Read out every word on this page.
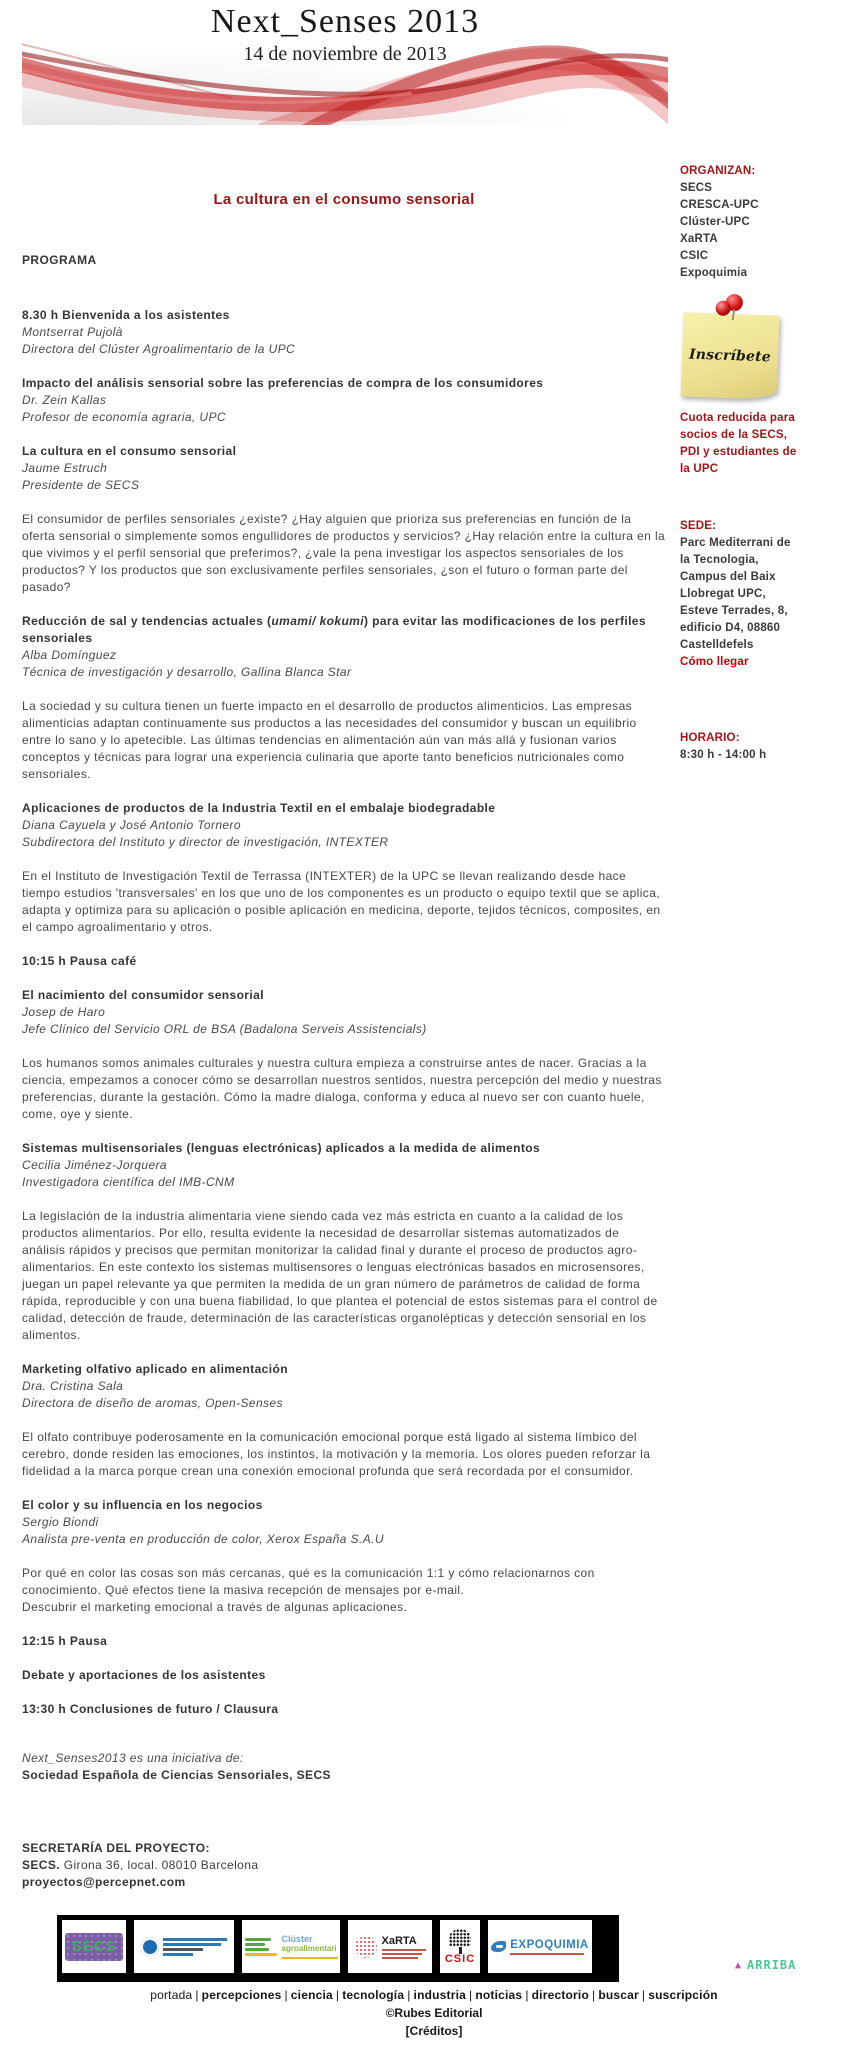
Next_Senses 2013
14 de noviembre de 2013
La cultura en el consumo sensorial
PROGRAMA
8.30 h Bienvenida a los asistentes
Montserrat Pujolà
Directora del Clúster Agroalimentario de la UPC
Impacto del análisis sensorial sobre las preferencias de compra de los consumidores
Dr. Zein Kallas
Profesor de economía agraria, UPC
La cultura en el consumo sensorial
Jaume Estruch
Presidente de SECS

El consumidor de perfiles sensoriales ¿existe? ¿Hay alguien que prioriza sus preferencias en función de la oferta sensorial o simplemente somos engullidores de productos y servicios? ¿Hay relación entre la cultura en la que vivimos y el perfil sensorial que preferimos?, ¿vale la pena investigar los aspectos sensoriales de los productos? Y los productos que son exclusivamente perfiles sensoriales, ¿son el futuro o forman parte del pasado?

Reducción de sal y tendencias actuales (umami/ kokumi) para evitar las modificaciones de los perfiles sensoriales
Alba Domínguez
Técnica de investigación y desarrollo, Gallina Blanca Star

La sociedad y su cultura tienen un fuerte impacto en el desarrollo de productos alimenticios. Las empresas alimenticias adaptan continuamente sus productos a las necesidades del consumidor y buscan un equilibrio entre lo sano y lo apetecible. Las últimas tendencias en alimentación aún van más allá y fusionan varios conceptos y técnicas para lograr una experiencia culinaria que aporte tanto beneficios nutricionales como sensoriales.

Aplicaciones de productos de la Industria Textil en el embalaje biodegradable
Diana Cayuela y José Antonio Tornero
Subdirectora del Instituto y director de investigación, INTEXTER

En el Instituto de Investigación Textil de Terrassa (INTEXTER) de la UPC se llevan realizando desde hace tiempo estudios 'transversales' en los que uno de los componentes es un producto o equipo textil que se aplica, adapta y optimiza para su aplicación o posible aplicación en medicina, deporte, tejidos técnicos, composites, en el campo agroalimentario y otros.

10:15 h Pausa café
El nacimiento del consumidor sensorial
Josep de Haro
Jefe Clínico del Servicio ORL de BSA (Badalona Serveis Assistencials)

Los humanos somos animales culturales y nuestra cultura empieza a construirse antes de nacer. Gracias a la ciencia, empezamos a conocer cómo se desarrollan nuestros sentidos, nuestra percepción del medio y nuestras preferencias, durante la gestación. Cómo la madre dialoga, conforma y educa al nuevo ser con cuanto huele, come, oye y siente.

Sistemas multisensoriales (lenguas electrónicas) aplicados a la medida de alimentos
Cecilia Jiménez-Jorquera
Investigadora científica del IMB-CNM

La legislación de la industria alimentaria viene siendo cada vez más estricta en cuanto a la calidad de los productos alimentarios. Por ello, resulta evidente la necesidad de desarrollar sistemas automatizados de análisis rápidos y precisos que permitan monitorizar la calidad final y durante el proceso de productos agro-alimentarios. En este contexto los sistemas multisensores o lenguas electrónicas basados en microsensores, juegan un papel relevante ya que permiten la medida de un gran número de parámetros de calidad de forma rápida, reproducible y con una buena fiabilidad, lo que plantea el potencial de estos sistemas para el control de calidad, detección de fraude, determinación de las características organolépticas y detección sensorial en los alimentos.

Marketing olfativo aplicado en alimentación
Dra. Cristina Sala
Directora de diseño de aromas, Open-Senses

El olfato contribuye poderosamente en la comunicación emocional porque está ligado al sistema límbico del cerebro, donde residen las emociones, los instintos, la motivación y la memoria. Los olores pueden reforzar la fidelidad a la marca porque crean una conexión emocional profunda que será recordada por el consumidor.

El color y su influencia en los negocios
Sergio Biondi
Analista pre-venta en producción de color, Xerox España S.A.U

Por qué en color las cosas son más cercanas, qué es la comunicación 1:1 y cómo relacionarnos con conocimiento. Qué efectos tiene la masiva recepción de mensajes por e-mail.

Descubrir el marketing emocional a través de algunas aplicaciones.

12:15 h Pausa
Debate y aportaciones de los asistentes
13:30 h Conclusiones de futuro / Clausura
Next_Senses2013 es una iniciativa de:
Sociedad Española de Ciencias Sensoriales, SECS
SECRETARÍA DEL PROYECTO:
SECS. Girona 36, local. 08010 Barcelona
proyectos@percepnet.com
ORGANIZAN:
SECS
CRESCA-UPC
Clúster-UPC
XaRTA
CSIC
Expoquimia
Inscríbete
Cuota reducida para socios de la SECS, PDI y estudiantes de la UPC
SEDE:
Parc Mediterrani de la Tecnologia, Campus del Baix Llobregat UPC, Esteve Terrades, 8, edificio D4, 08860 Castelldefels
Cómo llegar
HORARIO:
8:30 h - 14:00 h
SECS	Clúster
agroalimentari
XaRTA
CSIC
EXPOQUIMIA
▲ ARRIBA
portada | percepciones | ciencia | tecnología | industria | noticias | directorio | buscar | suscripción
©Rubes Editorial
[Créditos]
